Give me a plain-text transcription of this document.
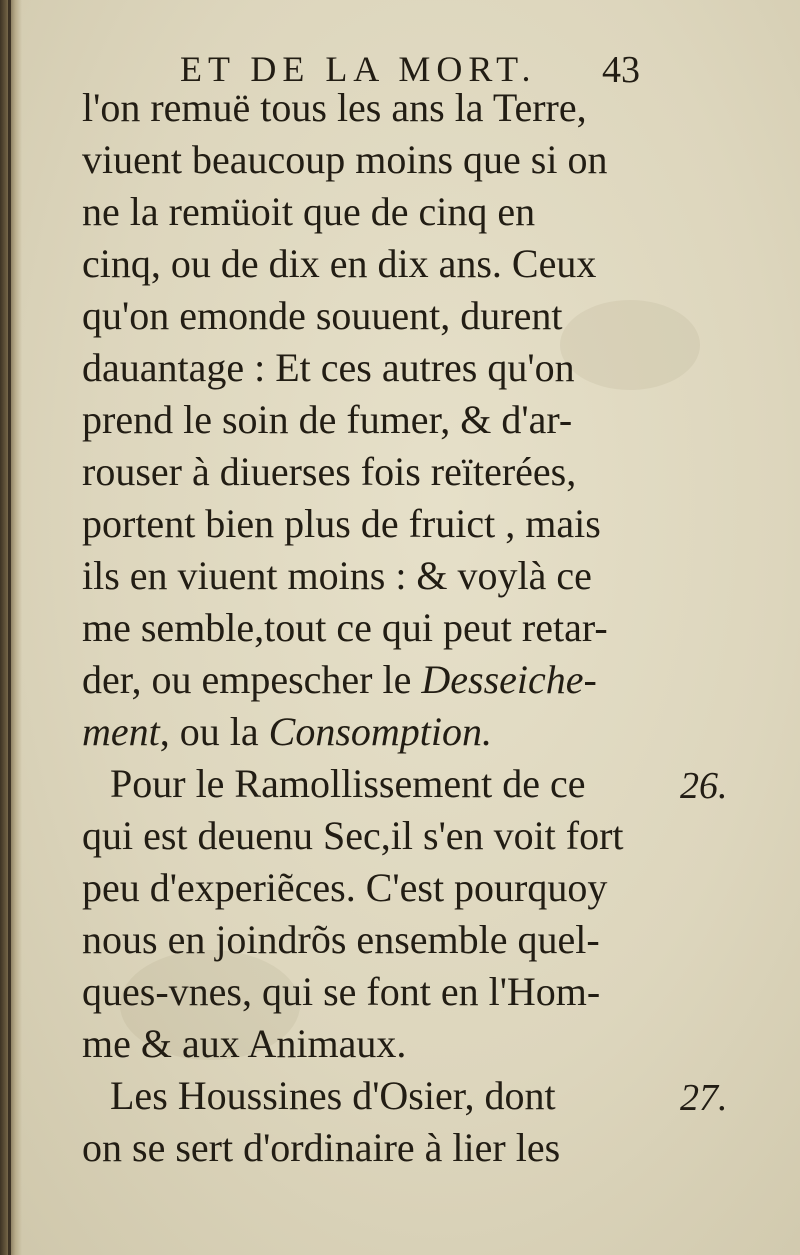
ET DE LA MORT. 43
l'on remuë tous les ans la Terre,
viuent beaucoup moins que si on
ne la remüoit que de cinq en
cinq, ou de dix en dix ans. Ceux
qu'on emonde souuent, durent
dauantage : Et ces autres qu'on
prend le soin de fumer, & d'ar-
rouser à diuerses fois reïterées,
portent bien plus de fruict , mais
ils en viuent moins : & voylà ce
me semble,tout ce qui peut retar-
der, ou empescher le Desseiche-
ment, ou la Consomption.
Pour le Ramollissement de ce
qui est deuenu Sec,il s'en voit fort
peu d'experiẽces. C'est pourquoy
nous en joindrõs ensemble quel-
ques-vnes, qui se font en l'Hom-
me & aux Animaux.
Les Houssines d'Osier, dont
on se sert d'ordinaire à lier les
26.
27.
